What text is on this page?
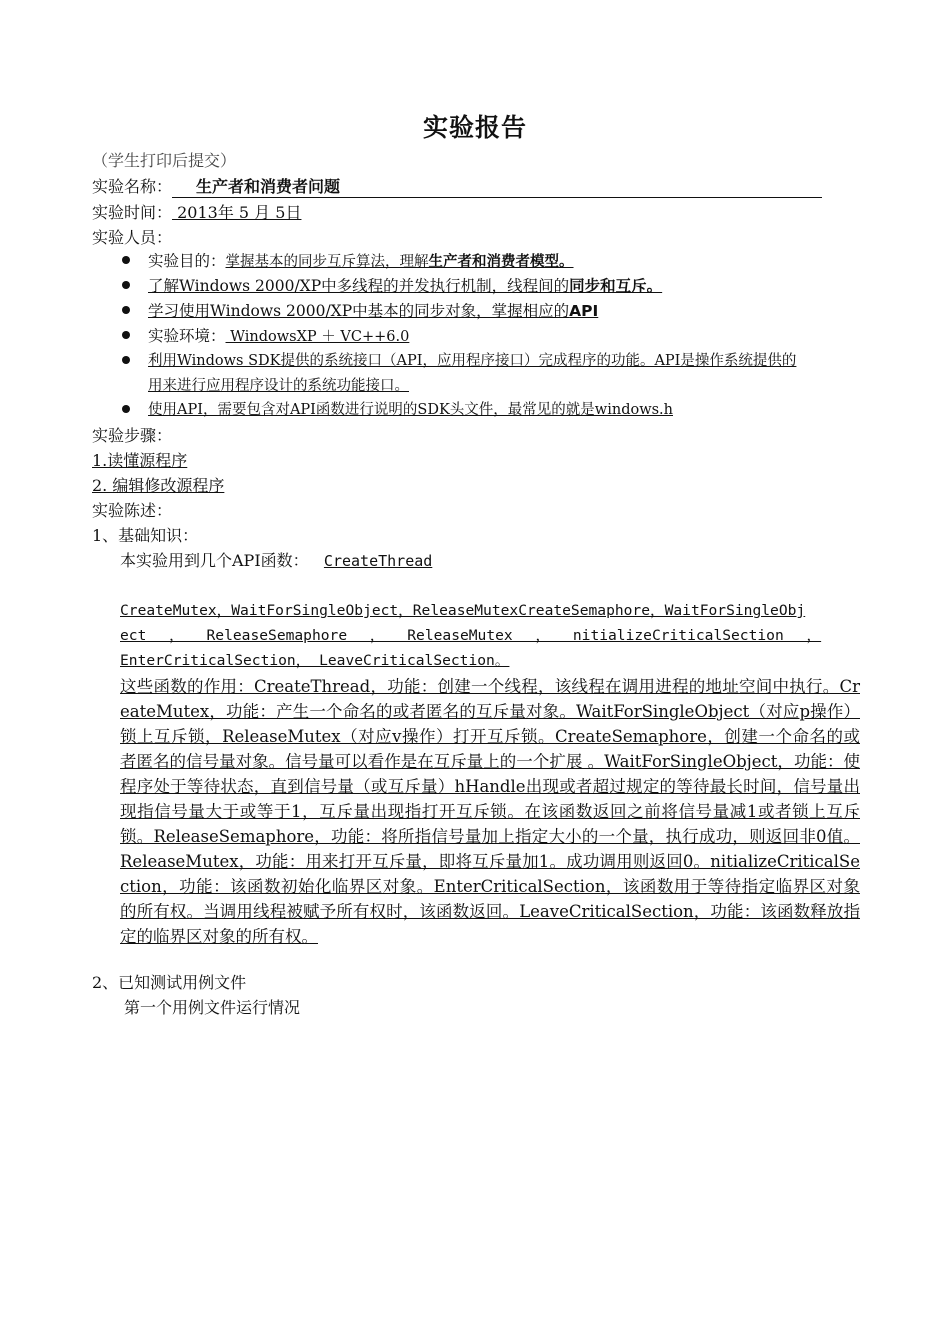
实验报告
（学生打印后提交）
实验名称： 生产者和消费者问题
实验时间： 2013年 5 月 5日
实验人员：
实验目的：掌握基本的同步互斥算法，理解生产者和消费者模型。
了解Windows 2000/XP中多线程的并发执行机制，线程间的同步和互斥。
学习使用Windows 2000/XP中基本的同步对象，掌握相应的API
实验环境： WindowsXP ＋ VC++6.0
利用Windows SDK提供的系统接口（API，应用程序接口）完成程序的功能。API是操作系统提供的
用来进行应用程序设计的系统功能接口。
使用API，需要包含对API函数进行说明的SDK头文件，最常见的就是windows.h
实验步骤：
1.读懂源程序
2. 编辑修改源程序
实验陈述：
1、基础知识：
本实验用到几个API函数： CreateThread
CreateMutex，WaitForSingleObject，ReleaseMutexCreateSemaphore，WaitForSingleObj
ect ， ReleaseSemaphore ， ReleaseMutex ， nitializeCriticalSection ，
EnterCriticalSection， LeaveCriticalSection。
这些函数的作用：CreateThread，功能：创建一个线程，该线程在调用进程的地址空间中执行。CreateMutex，功能：产生一个命名的或者匿名的互斥量对象。WaitForSingleObject（对应p操作）锁上互斥锁，ReleaseMutex（对应v操作）打开互斥锁。CreateSemaphore，创建一个命名的或者匿名的信号量对象。信号量可以看作是在互斥量上的一个扩展 。WaitForSingleObject，功能：使程序处于等待状态，直到信号量（或互斥量）hHandle出现或者超过规定的等待最长时间，信号量出现指信号量大于或等于1，互斥量出现指打开互斥锁。在该函数返回之前将信号量减1或者锁上互斥锁。ReleaseSemaphore，功能：将所指信号量加上指定大小的一个量，执行成功，则返回非0值。ReleaseMutex，功能：用来打开互斥量，即将互斥量加1。成功调用则返回0。nitializeCriticalSection，功能：该函数初始化临界区对象。EnterCriticalSection，该函数用于等待指定临界区对象的所有权。当调用线程被赋予所有权时，该函数返回。LeaveCriticalSection，功能：该函数释放指定的临界区对象的所有权。
2、已知测试用例文件
第一个用例文件运行情况
